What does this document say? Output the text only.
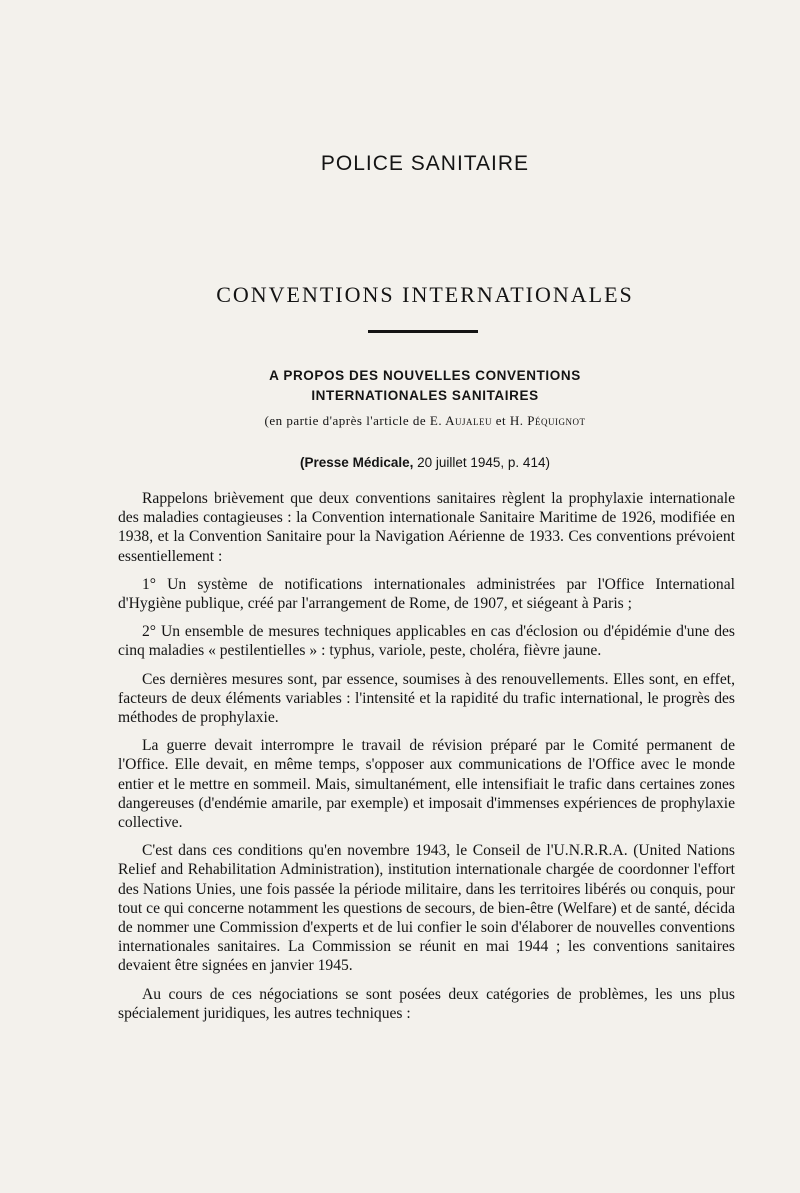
POLICE SANITAIRE
CONVENTIONS INTERNATIONALES
A PROPOS DES NOUVELLES CONVENTIONS
INTERNATIONALES SANITAIRES
(en partie d'après l'article de E. Aujaleu et H. Péquignot
(Presse Médicale, 20 juillet 1945, p. 414)

Rappelons brièvement que deux conventions sanitaires règlent la prophylaxie internationale des maladies contagieuses : la Convention internationale Sanitaire Maritime de 1926, modifiée en 1938, et la Convention Sanitaire pour la Navigation Aérienne de 1933. Ces conventions prévoient essentiellement :

1° Un système de notifications internationales administrées par l'Office International d'Hygiène publique, créé par l'arrangement de Rome, de 1907, et siégeant à Paris ;

2° Un ensemble de mesures techniques applicables en cas d'éclosion ou d'épidémie d'une des cinq maladies « pestilentielles » : typhus, variole, peste, choléra, fièvre jaune.

Ces dernières mesures sont, par essence, soumises à des renouvellements. Elles sont, en effet, facteurs de deux éléments variables : l'intensité et la rapidité du trafic international, le progrès des méthodes de prophylaxie.

La guerre devait interrompre le travail de révision préparé par le Comité permanent de l'Office. Elle devait, en même temps, s'opposer aux communications de l'Office avec le monde entier et le mettre en sommeil. Mais, simultanément, elle intensifiait le trafic dans certaines zones dangereuses (d'endémie amarile, par exemple) et imposait d'immenses expériences de prophylaxie collective.

C'est dans ces conditions qu'en novembre 1943, le Conseil de l'U.N.R.R.A. (United Nations Relief and Rehabilitation Administration), institution internationale chargée de coordonner l'effort des Nations Unies, une fois passée la période militaire, dans les territoires libérés ou conquis, pour tout ce qui concerne notamment les questions de secours, de bien-être (Welfare) et de santé, décida de nommer une Commission d'experts et de lui confier le soin d'élaborer de nouvelles conventions internationales sanitaires. La Commission se réunit en mai 1944 ; les conventions sanitaires devaient être signées en janvier 1945.

Au cours de ces négociations se sont posées deux catégories de problèmes, les uns plus spécialement juridiques, les autres techniques :
